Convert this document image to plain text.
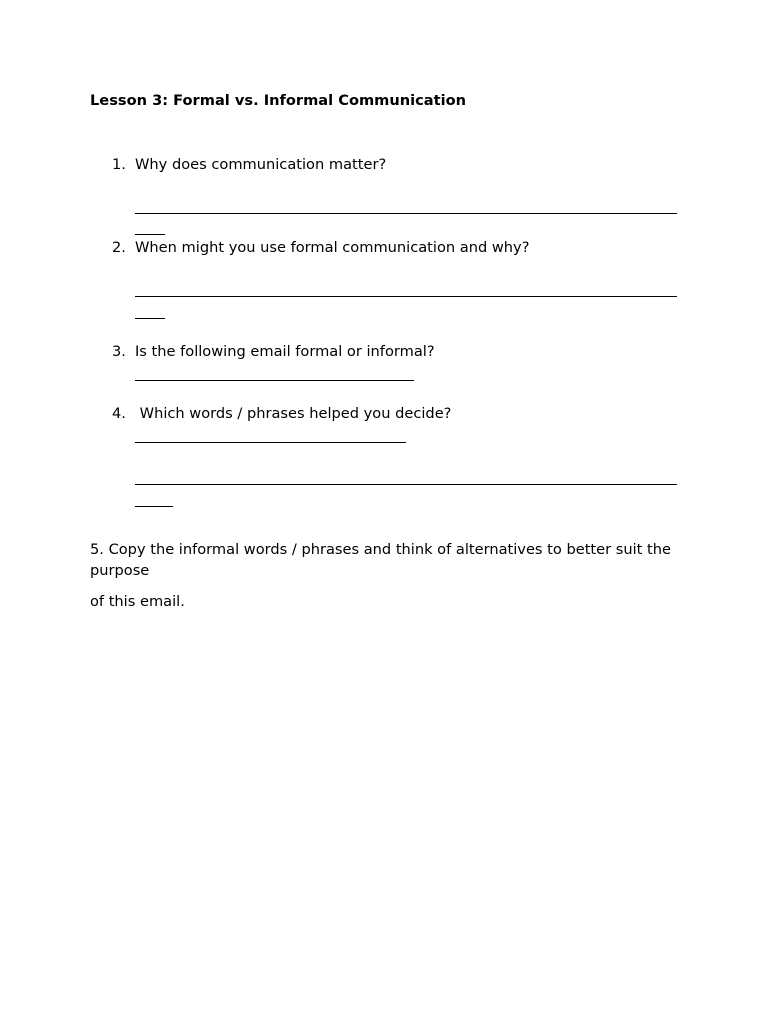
Lesson 3: Formal vs. Informal Communication
1. Why does communication matter?
2. When might you use formal communication and why?
3. Is the following email formal or informal?
4. Which words / phrases helped you decide?
5. Copy the informal words / phrases and think of alternatives to better suit the purpose
of this email.
